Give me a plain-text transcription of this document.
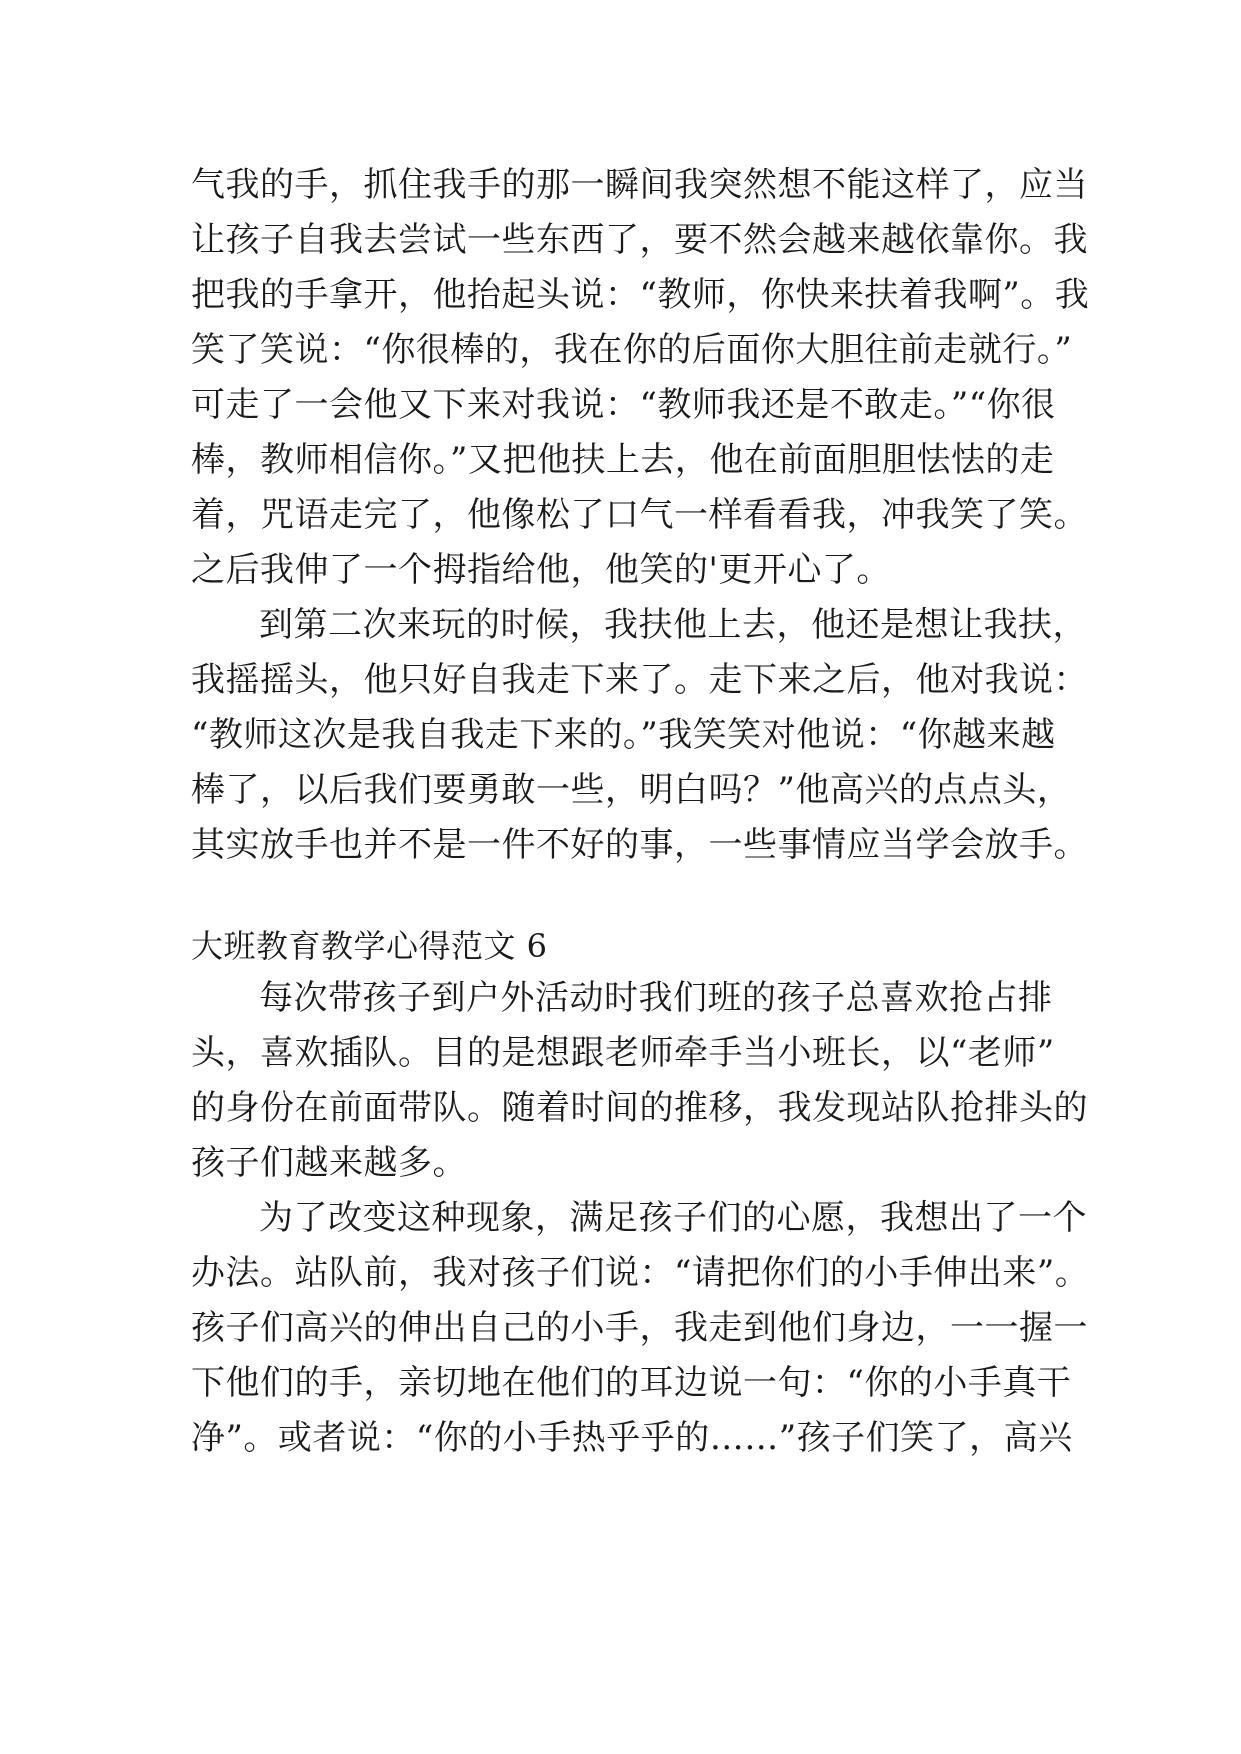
气我的手，抓住我手的那一瞬间我突然想不能这样了，应当
让孩子自我去尝试一些东西了，要不然会越来越依靠你。我
把我的手拿开，他抬起头说：“教师，你快来扶着我啊”。我
笑了笑说：“你很棒的，我在你的后面你大胆往前走就行。”
可走了一会他又下来对我说：“教师我还是不敢走。”“你很
棒，教师相信你。”又把他扶上去，他在前面胆胆怯怯的走
着，咒语走完了，他像松了口气一样看看我，冲我笑了笑。
之后我伸了一个拇指给他，他笑的'更开心了。
到第二次来玩的时候，我扶他上去，他还是想让我扶，
我摇摇头，他只好自我走下来了。走下来之后，他对我说：
“教师这次是我自我走下来的。”我笑笑对他说：“你越来越
棒了，以后我们要勇敢一些，明白吗？”他高兴的点点头，
其实放手也并不是一件不好的事，一些事情应当学会放手。
大班教育教学心得范文 6
每次带孩子到户外活动时我们班的孩子总喜欢抢占排
头，喜欢插队。目的是想跟老师牵手当小班长，以“老师”
的身份在前面带队。随着时间的推移，我发现站队抢排头的
孩子们越来越多。
为了改变这种现象，满足孩子们的心愿，我想出了一个
办法。站队前，我对孩子们说：“请把你们的小手伸出来”。
孩子们高兴的伸出自己的小手，我走到他们身边，一一握一
下他们的手，亲切地在他们的耳边说一句：“你的小手真干
净”。或者说：“你的小手热乎乎的……”孩子们笑了，高兴
